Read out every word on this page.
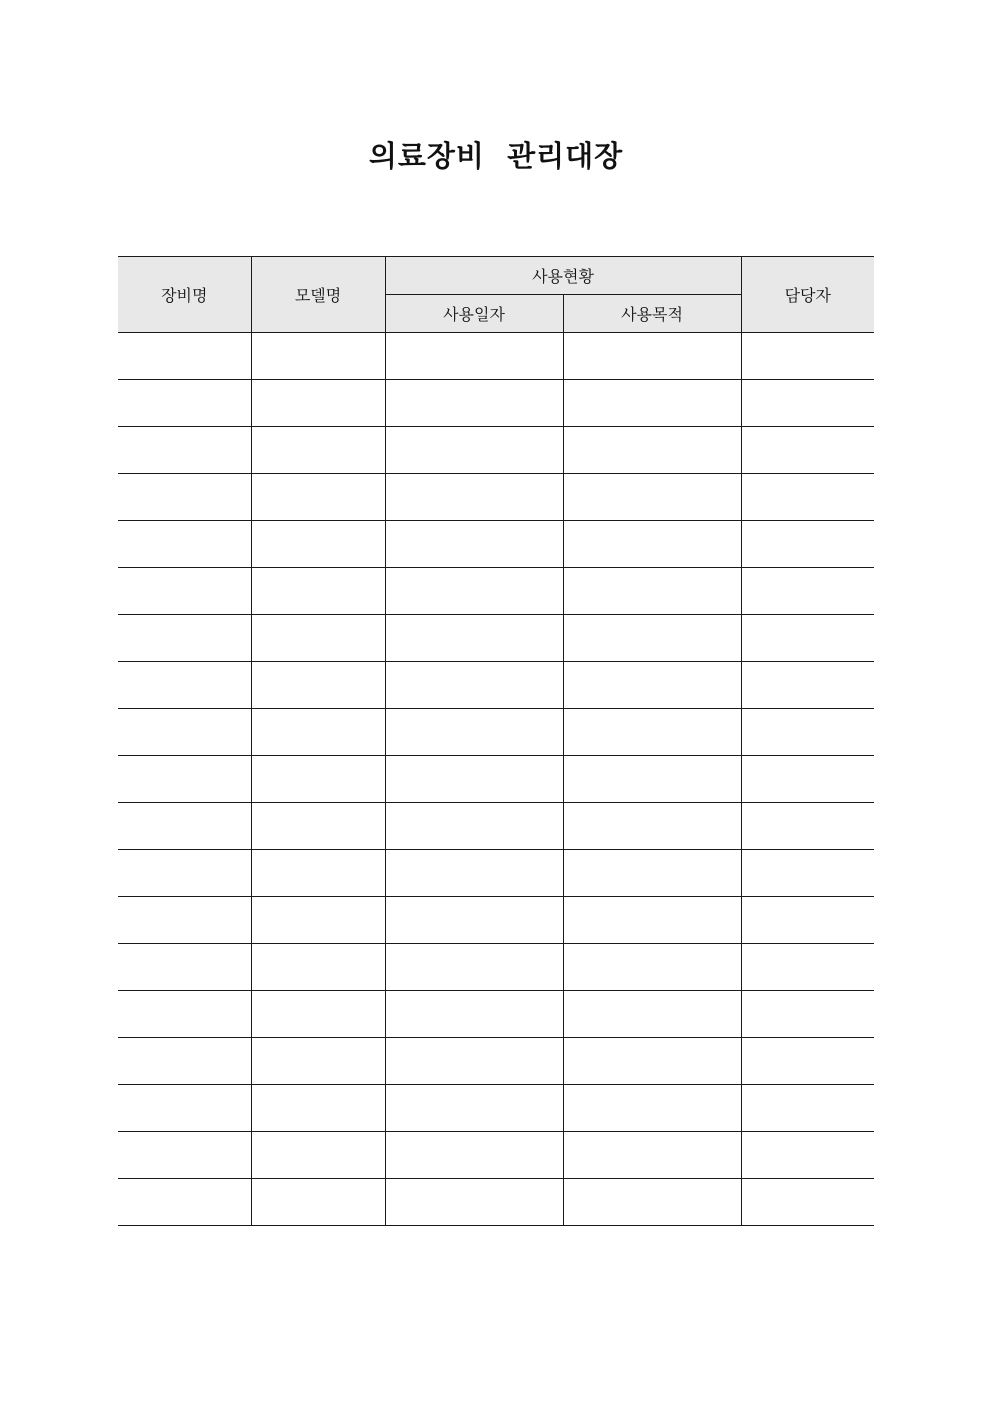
의료장비  관리대장
장비명	모델명	사용현황		담당자
		사용일자	사용목적	
